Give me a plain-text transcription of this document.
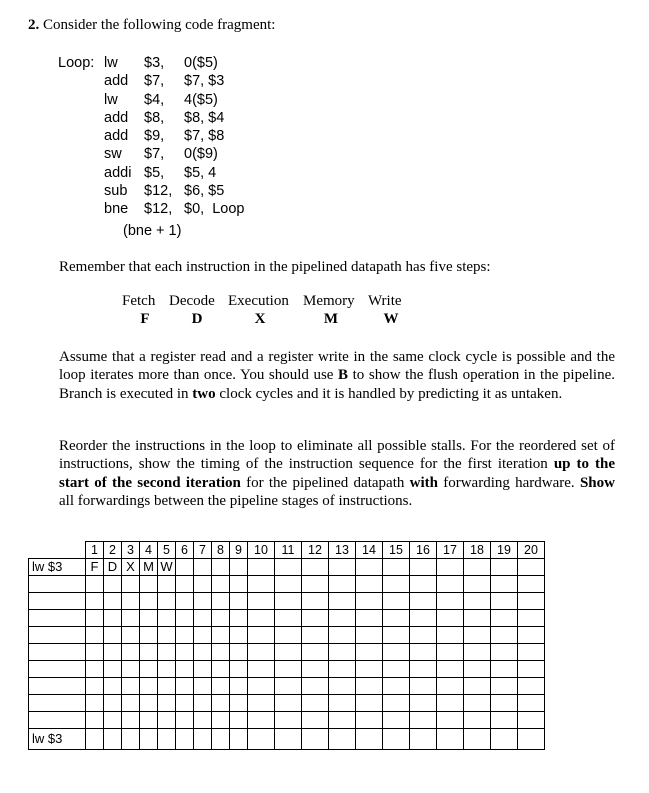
2. Consider the following code fragment:
Loop: lw $3, 0($5)
add $7, $7, $3
lw $4, 4($5)
add $8, $8, $4
add $9, $7, $8
sw $7, 0($9)
addi $5, $5, 4
sub $12, $6, $5
bne $12, $0,  Loop
(bne + 1)
Remember that each instruction in the pipelined datapath has five steps:
Fetch Decode Execution Memory Write
F	D	X	M	W
Assume that a register read and a register write in the same clock cycle is possible and the loop iterates more than once. You should use B to show the flush operation in the pipeline. Branch is executed in two clock cycles and it is handled by predicting it as untaken.
Reorder the instructions in the loop to eliminate all possible stalls. For the reordered set of instructions, show the timing of the instruction sequence for the first iteration up to the start of the second iteration for the pipelined datapath with forwarding hardware. Show all forwardings between the pipeline stages of instructions.
	1	2	3	4	5	6	7	8	9	10	11	12	13	14	15	16	17	18	19	20
lw $3	F	D	X	M	W															

lw $3																				
